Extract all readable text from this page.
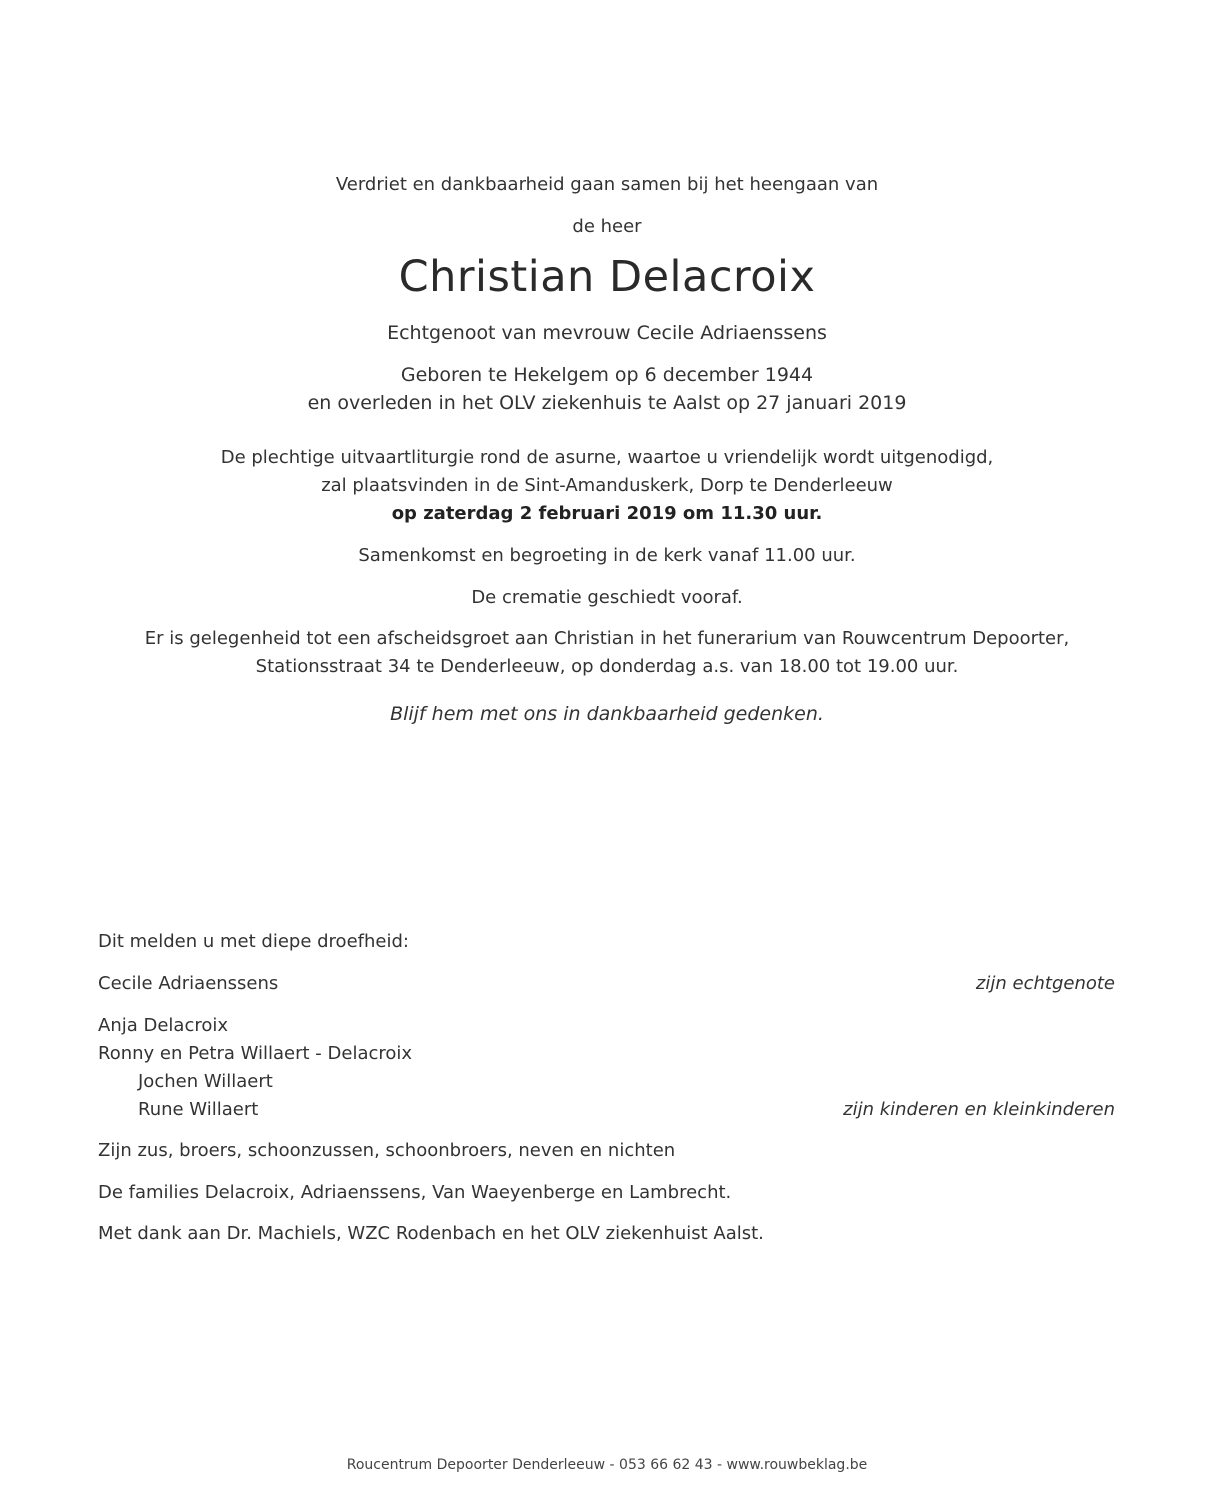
Verdriet en dankbaarheid gaan samen bij het heengaan van
de heer
Christian Delacroix
Echtgenoot van mevrouw Cecile Adriaenssens
Geboren te Hekelgem op 6 december 1944
en overleden in het OLV ziekenhuis te Aalst op 27 januari 2019
De plechtige uitvaartliturgie rond de asurne, waartoe u vriendelijk wordt uitgenodigd,
zal plaatsvinden in de Sint-Amanduskerk, Dorp te Denderleeuw
op zaterdag 2 februari 2019 om 11.30 uur.
Samenkomst en begroeting in de kerk vanaf 11.00 uur.
De crematie geschiedt vooraf.
Er is gelegenheid tot een afscheidsgroet aan Christian in het funerarium van Rouwcentrum Depoorter,
Stationsstraat 34 te Denderleeuw, op donderdag a.s. van 18.00 tot 19.00 uur.
Blijf hem met ons in dankbaarheid gedenken.
Dit melden u met diepe droefheid:
Cecile Adriaenssens	zijn echtgenote
Anja Delacroix
Ronny en Petra Willaert - Delacroix
Jochen Willaert
Rune Willaert	zijn kinderen en kleinkinderen
Zijn zus, broers, schoonzussen, schoonbroers, neven en nichten
De families Delacroix, Adriaenssens, Van Waeyenberge en Lambrecht.
Met dank aan Dr. Machiels, WZC Rodenbach en het OLV ziekenhuist Aalst.
Roucentrum Depoorter Denderleeuw - 053 66 62 43 - www.rouwbeklag.be
